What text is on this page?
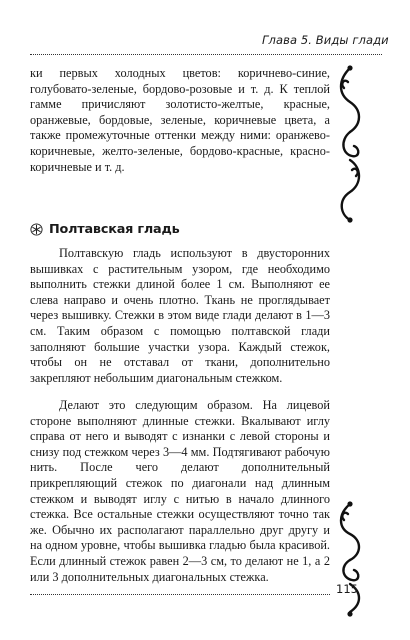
Глава 5. Виды глади

ки первых холодных цветов: коричнево-синие, голубовато-зеленые, бордово-розовые и т. д. К теплой гамме причисляют золотисто-желтые, красные, оранжевые, бордовые, зеленые, коричневые цвета, а также промежуточные оттенки между ними: оранжево-коричневые, желто-зеленые, бордово-красные, красно-коричневые и т. д.

Полтавская гладь

Полтавскую гладь используют в двусторонних вышивках с растительным узором, где необходимо выполнить стежки длиной более 1 см. Выполняют ее слева направо и очень плотно. Ткань не проглядывает через вышивку. Стежки в этом виде глади делают в 1—3 см. Таким образом с помощью полтавской глади заполняют большие участки узора. Каждый стежок, чтобы он не отставал от ткани, дополнительно закрепляют небольшим диагональным стежком.

Делают это следующим образом. На лицевой стороне выполняют длинные стежки. Вкалывают иглу справа от него и выводят с изнанки с левой стороны и снизу под стежком через 3—4 мм. Подтягивают рабочую нить. После чего делают дополнительный прикрепляющий стежок по диагонали над длинным стежком и выводят иглу с нитью в начало длинного стежка. Все остальные стежки осуществляют точно так же. Обычно их располагают параллельно друг другу и на одном уровне, чтобы вышивка гладью была красивой. Если длинный стежок равен 2—3 см, то делают не 1, а 2 или 3 дополнительных диагональных стежка.

115
